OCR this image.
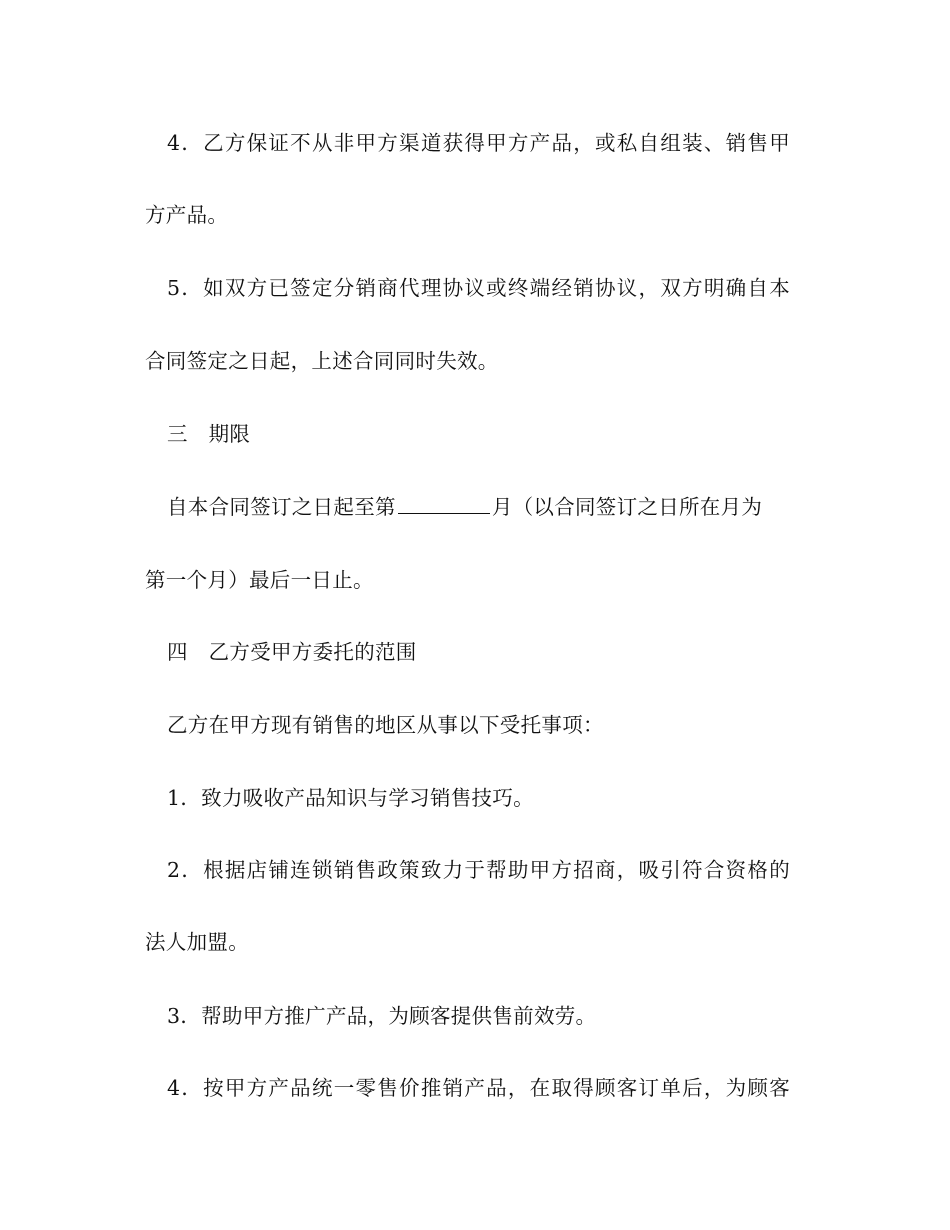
4．乙方保证不从非甲方渠道获得甲方产品，或私自组装、销售甲
方产品。
5．如双方已签定分销商代理协议或终端经销协议，双方明确自本
合同签定之日起，上述合同同时失效。
三　期限
自本合同签订之日起至第	月（以合同签订之日所在月为
第一个月）最后一日止。
四　乙方受甲方委托的范围
乙方在甲方现有销售的地区从事以下受托事项：
1．致力吸收产品知识与学习销售技巧。
2．根据店铺连锁销售政策致力于帮助甲方招商，吸引符合资格的
法人加盟。
3．帮助甲方推广产品，为顾客提供售前效劳。
4．按甲方产品统一零售价推销产品，在取得顾客订单后，为顾客
